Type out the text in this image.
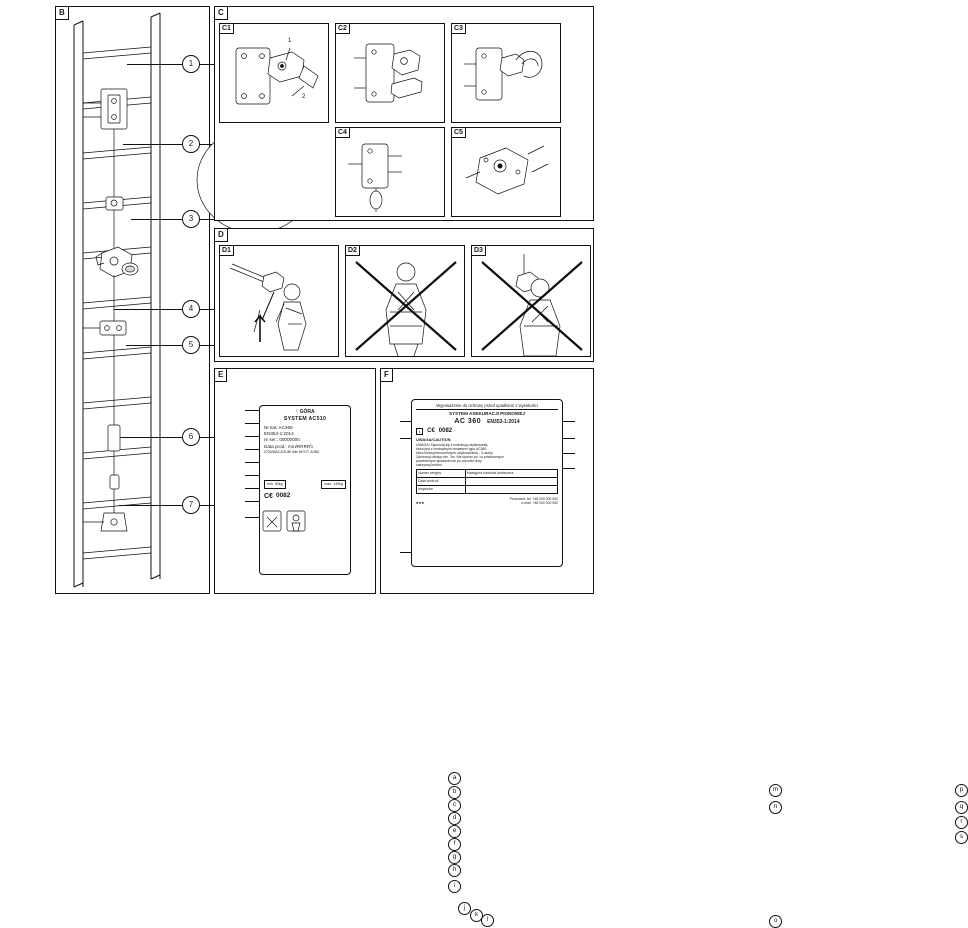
B
1
2
3
4
5
6
7
C
C1
1
2
C2	C3
C4	C5
D
D1	D2	D3
E
↑ GÓRA
SYSTEM AC510
Nr kat: AC369
EN353-1:2014
nr ser.: 00000000
Data prod.: mm/RRRR\\
0700/WACZ/ZUNI linki NF/OT. A/360
min. 50kg	max. 140kg
C€ 0082
a
b
c
d
e
f
g
h
i
j
k
l
F
Wyposażenie do ochrony przed upadkiem z wysokości
SYSTEM ASEKURACJI PIONOWEJ
AC 360 EN353-1:2014
i	C€ 0082
UWAGA/CAUTION
UWAGA! Zapoznaj się z instrukcją użytkowania,
która jest z niezbędnym zestawem typu AC360,
która kluba jednoczesnych użytkowników - 3 osoby.
Zachowaj odstęp min. 3m. Nie dywnić po. co powietrznych
powietrznymi spadania lub po czynniki duży
zatrzymaj kontrol.
Numer seryjny	Następna kontrola konieczna
Data kontroli	
Inspector	
●●●
Producent: tel. +48 000 000 000
e-mail: +48 000 000 000
m
n
o
p
q
r
s
